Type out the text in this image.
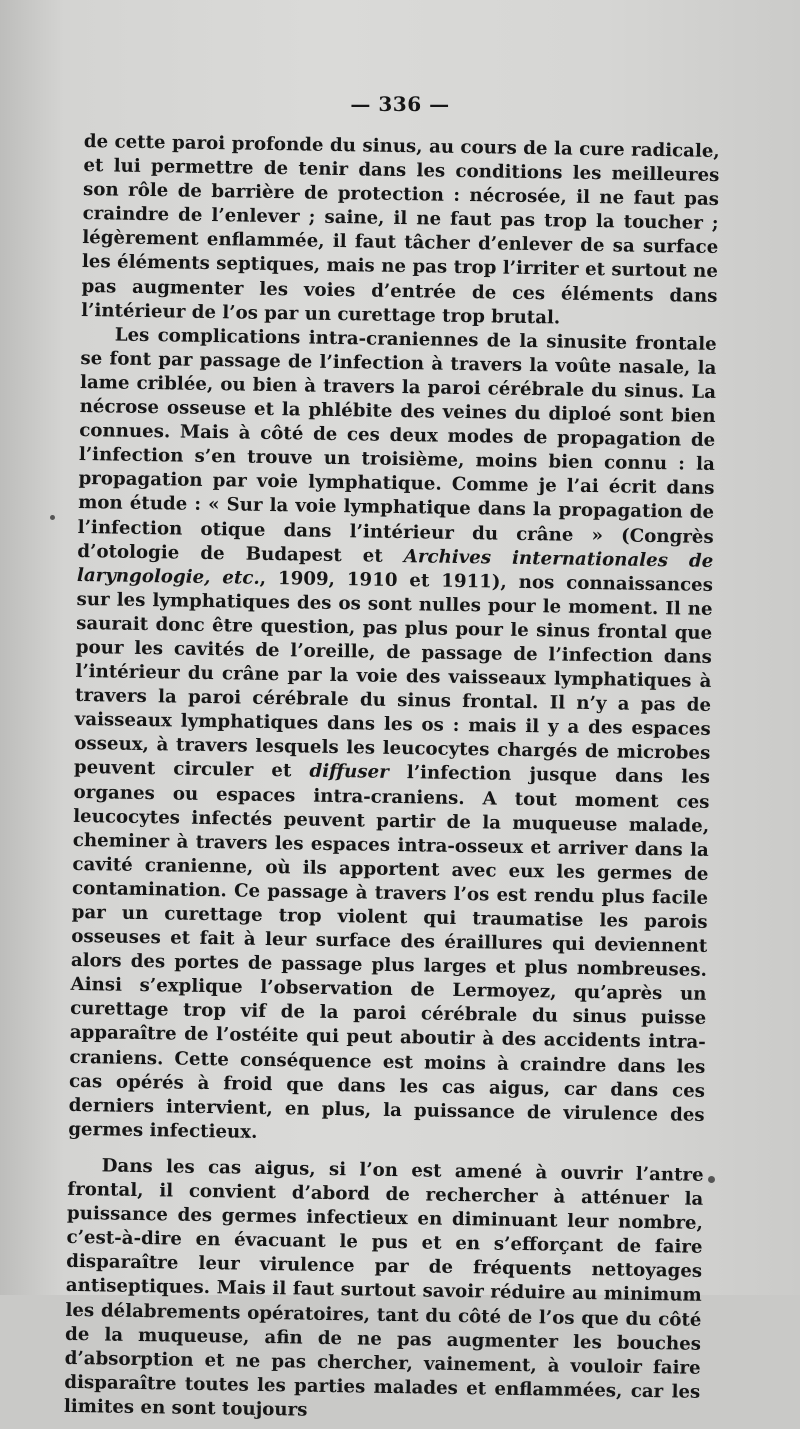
— 336 —

de cette paroi profonde du sinus, au cours de la cure radicale, et lui permettre de tenir dans les conditions les meilleures son rôle de barrière de protection : nécrosée, il ne faut pas craindre de l’enlever ; saine, il ne faut pas trop la toucher ; légèrement enflammée, il faut tâcher d’enlever de sa surface les éléments septiques, mais ne pas trop l’irriter et surtout ne pas augmenter les voies d’entrée de ces éléments dans l’intérieur de l’os par un curettage trop brutal.

Les complications intra-craniennes de la sinusite frontale se font par passage de l’infection à travers la voûte nasale, la lame criblée, ou bien à travers la paroi cérébrale du sinus. La nécrose osseuse et la phlébite des veines du diploé sont bien connues. Mais à côté de ces deux modes de propagation de l’infection s’en trouve un troisième, moins bien connu : la propagation par voie lymphatique. Comme je l’ai écrit dans mon étude : « Sur la voie lymphatique dans la propagation de l’infection otique dans l’intérieur du crâne » (Congrès d’otologie de Budapest et Archives internationales de laryngologie, etc., 1909, 1910 et 1911), nos connaissances sur les lymphatiques des os sont nulles pour le moment. Il ne saurait donc être question, pas plus pour le sinus frontal que pour les cavités de l’oreille, de passage de l’infection dans l’intérieur du crâne par la voie des vaisseaux lymphatiques à travers la paroi cérébrale du sinus frontal. Il n’y a pas de vaisseaux lymphatiques dans les os : mais il y a des espaces osseux, à travers lesquels les leucocytes chargés de microbes peuvent circuler et diffuser l’infection jusque dans les organes ou espaces intra-craniens. A tout moment ces leucocytes infectés peuvent partir de la muqueuse malade, cheminer à travers les espaces intra-osseux et arriver dans la cavité cranienne, où ils apportent avec eux les germes de contamination. Ce passage à travers l’os est rendu plus facile par un curettage trop violent qui traumatise les parois osseuses et fait à leur surface des éraillures qui deviennent alors des portes de passage plus larges et plus nombreuses. Ainsi s’explique l’observation de Lermoyez, qu’après un curettage trop vif de la paroi cérébrale du sinus puisse apparaître de l’ostéite qui peut aboutir à des accidents intra-craniens. Cette conséquence est moins à craindre dans les cas opérés à froid que dans les cas aigus, car dans ces derniers intervient, en plus, la puissance de virulence des germes infectieux.

Dans les cas aigus, si l’on est amené à ouvrir l’antre frontal, il convient d’abord de rechercher à atténuer la puissance des germes infectieux en diminuant leur nombre, c’est-à-dire en évacuant le pus et en s’efforçant de faire disparaître leur virulence par de fréquents nettoyages antiseptiques. Mais il faut surtout savoir réduire au minimum les délabrements opératoires, tant du côté de l’os que du côté de la muqueuse, afin de ne pas augmenter les bouches d’absorption et ne pas chercher, vainement, à vouloir faire disparaître toutes les parties malades et enflammées, car les limites en sont toujours
